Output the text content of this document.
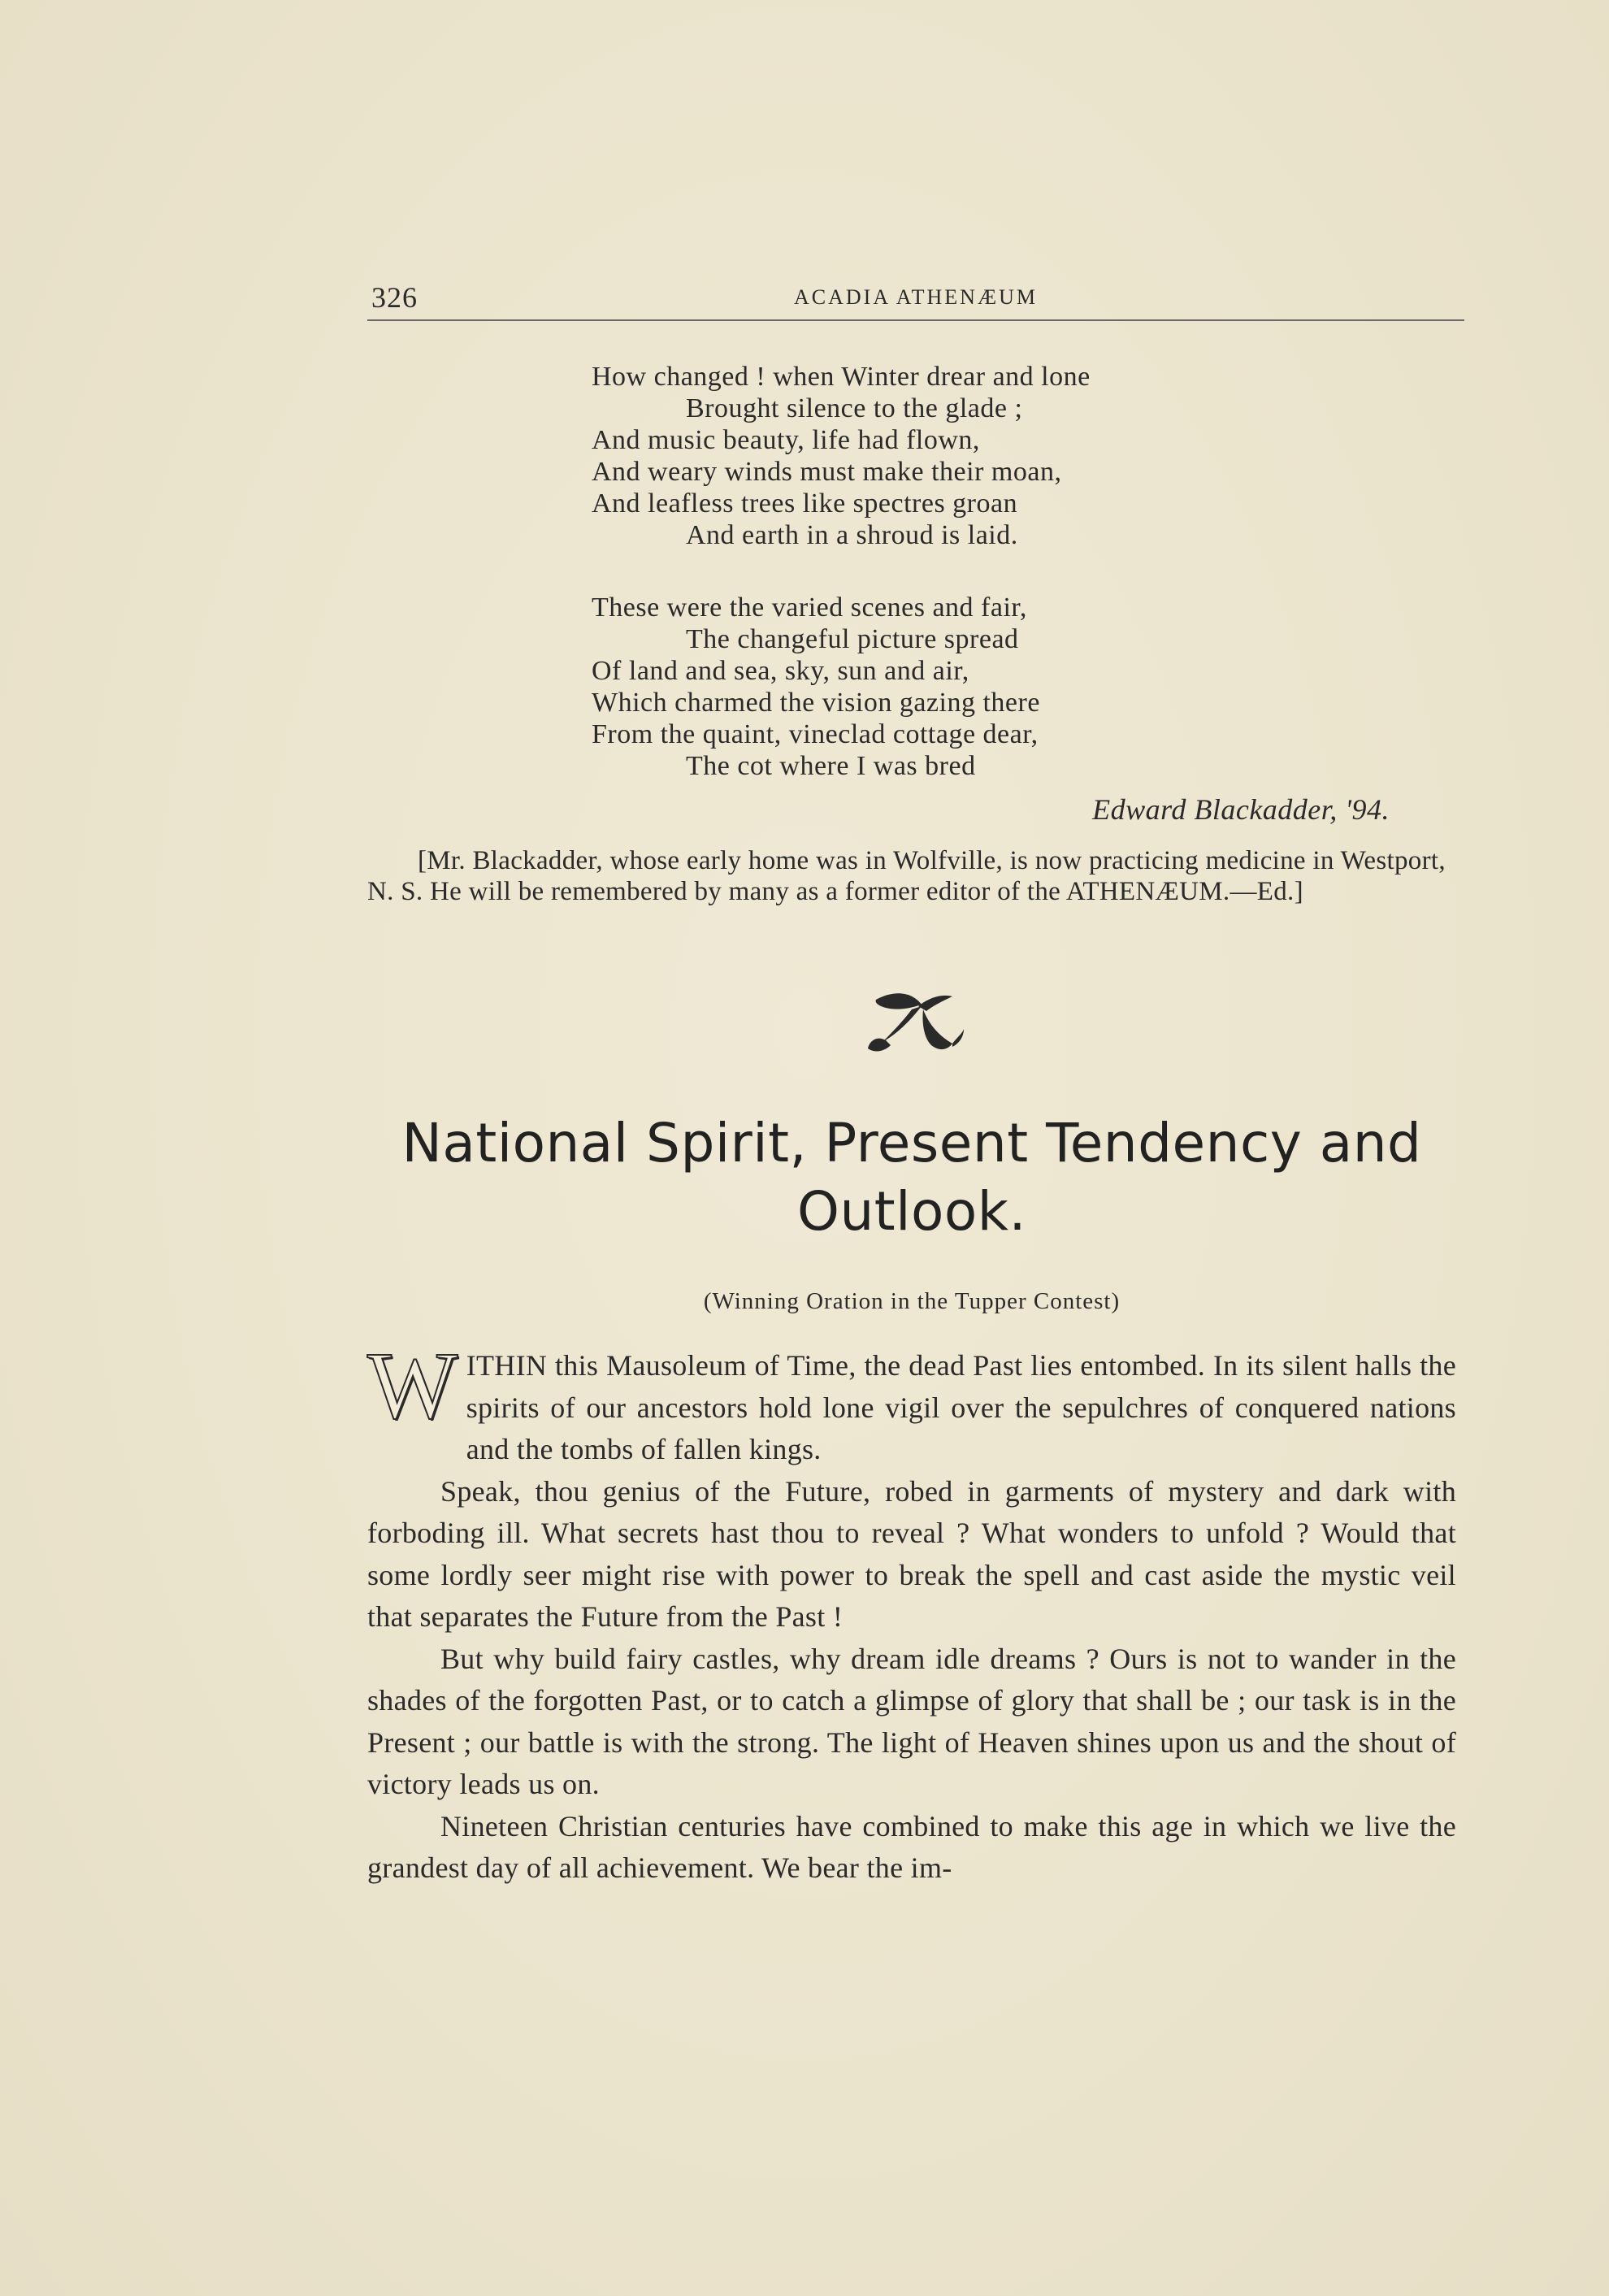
326	ACADIA ATHENÆUM
How changed ! when Winter drear and lone
Brought silence to the glade ;
And music beauty, life had flown,
And weary winds must make their moan,
And leafless trees like spectres groan
And earth in a shroud is laid.
These were the varied scenes and fair,
The changeful picture spread
Of land and sea, sky, sun and air,
Which charmed the vision gazing there
From the quaint, vineclad cottage dear,
The cot where I was bred
Edward Blackadder, '94.
[Mr. Blackadder, whose early home was in Wolfville, is now practicing medicine in Westport, N. S. He will be remembered by many as a former editor of the ATHENÆUM.—Ed.]
National Spirit, Present Tendency and Outlook.
(Winning Oration in the Tupper Contest)

WITHIN this Mausoleum of Time, the dead Past lies entombed. In its silent halls the spirits of our ancestors hold lone vigil over the sepulchres of conquered nations and the tombs of fallen kings.

Speak, thou genius of the Future, robed in garments of mystery and dark with forboding ill. What secrets hast thou to reveal ? What wonders to unfold ? Would that some lordly seer might rise with power to break the spell and cast aside the mystic veil that separates the Future from the Past !

But why build fairy castles, why dream idle dreams ? Ours is not to wander in the shades of the forgotten Past, or to catch a glimpse of glory that shall be ; our task is in the Present ; our battle is with the strong. The light of Heaven shines upon us and the shout of victory leads us on.

Nineteen Christian centuries have combined to make this age in which we live the grandest day of all achievement. We bear the im-
